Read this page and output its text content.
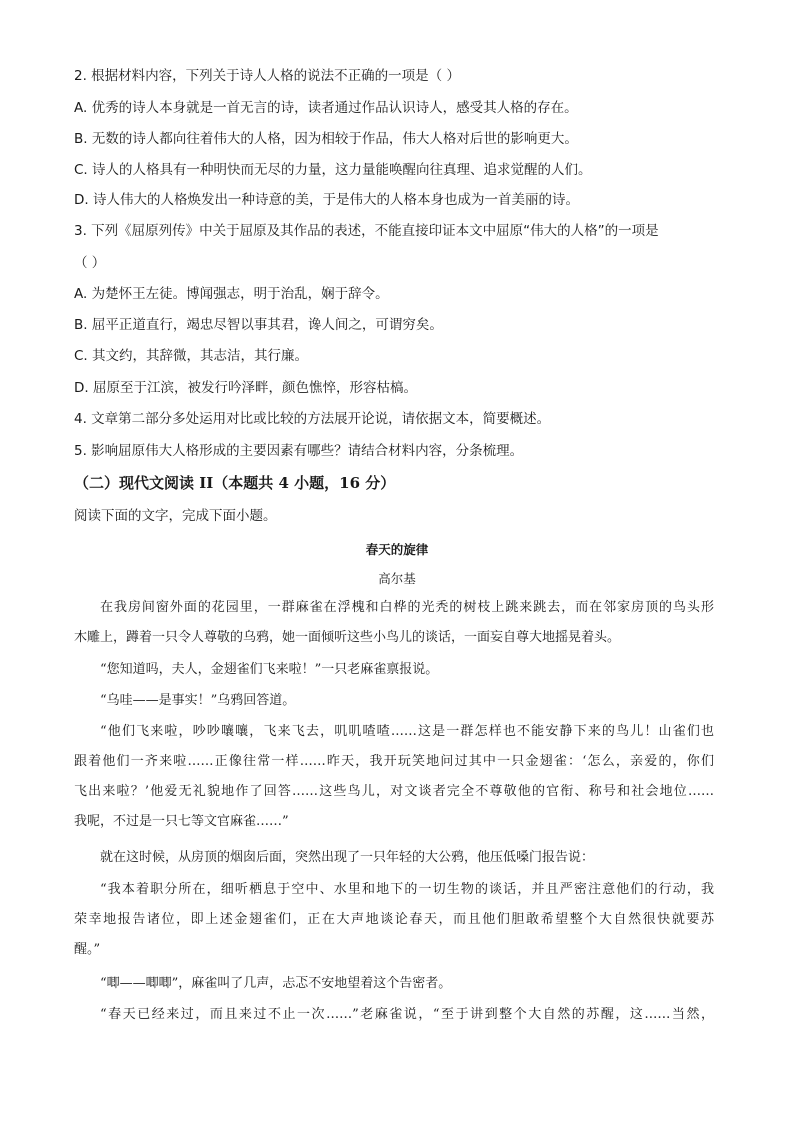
2. 根据材料内容，下列关于诗人人格的说法不正确的一项是（ ）
A. 优秀的诗人本身就是一首无言的诗，读者通过作品认识诗人，感受其人格的存在。
B. 无数的诗人都向往着伟大的人格，因为相较于作品，伟大人格对后世的影响更大。
C. 诗人的人格具有一种明快而无尽的力量，这力量能唤醒向往真理、追求觉醒的人们。
D. 诗人伟大的人格焕发出一种诗意的美，于是伟大的人格本身也成为一首美丽的诗。
3. 下列《屈原列传》中关于屈原及其作品的表述，不能直接印证本文中屈原“伟大的人格”的一项是
（ ）
A. 为楚怀王左徒。博闻强志，明于治乱，娴于辞令。
B. 屈平正道直行，竭忠尽智以事其君，谗人间之，可谓穷矣。
C. 其文约，其辞微，其志洁，其行廉。
D. 屈原至于江滨，被发行吟泽畔，颜色憔悴，形容枯槁。
4. 文章第二部分多处运用对比或比较的方法展开论说，请依据文本，简要概述。
5. 影响屈原伟大人格形成的主要因素有哪些？请结合材料内容，分条梳理。
（二）现代文阅读 II（本题共 4 小题，16 分）
阅读下面的文字，完成下面小题。
春天的旋律
高尔基
在我房间窗外面的花园里，一群麻雀在浮槐和白桦的光秃的树枝上跳来跳去，而在邻家房顶的鸟头形
木雕上，蹲着一只令人尊敬的乌鸦，她一面倾听这些小鸟儿的谈话，一面妄自尊大地摇晃着头。
“您知道吗，夫人，金翅雀们飞来啦！”一只老麻雀禀报说。
“乌哇——是事实！”乌鸦回答道。
“他们飞来啦，吵吵嚷嚷，飞来飞去，叽叽喳喳……这是一群怎样也不能安静下来的鸟儿！山雀们也
跟着他们一齐来啦……正像往常一样……昨天，我开玩笑地问过其中一只金翅雀：‘怎么，亲爱的，你们
飞出来啦？’他爱无礼貌地作了回答……这些鸟儿，对文谈者完全不尊敬他的官衔、称号和社会地位……
我呢，不过是一只七等文官麻雀……”
就在这时候，从房顶的烟囱后面，突然出现了一只年轻的大公鸦，他压低嗓门报告说：
“我本着职分所在，细听栖息于空中、水里和地下的一切生物的谈话，并且严密注意他们的行动，我
荣幸地报告诸位，即上述金翅雀们，正在大声地谈论春天，而且他们胆敢希望整个大自然很快就要苏
醒。”
“唧——唧唧”，麻雀叫了几声，忐忑不安地望着这个告密者。
“春天已经来过，而且来过不止一次……”老麻雀说，“至于讲到整个大自然的苏醒，这……当然，
